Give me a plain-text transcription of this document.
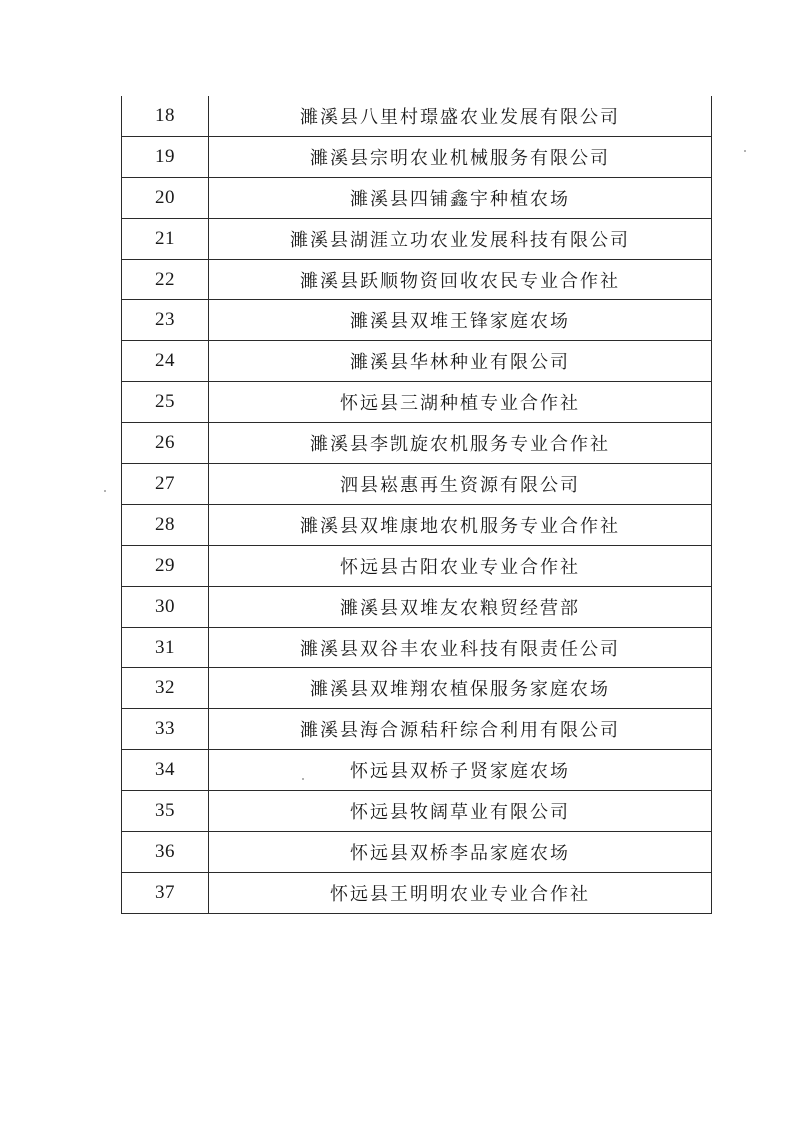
18	濉溪县八里村璟盛农业发展有限公司
19	濉溪县宗明农业机械服务有限公司
20	濉溪县四铺鑫宇种植农场
21	濉溪县湖涯立功农业发展科技有限公司
22	濉溪县跃顺物资回收农民专业合作社
23	濉溪县双堆王锋家庭农场
24	濉溪县华林种业有限公司
25	怀远县三湖种植专业合作社
26	濉溪县李凯旋农机服务专业合作社
27	泗县崧惠再生资源有限公司
28	濉溪县双堆康地农机服务专业合作社
29	怀远县古阳农业专业合作社
30	濉溪县双堆友农粮贸经营部
31	濉溪县双谷丰农业科技有限责任公司
32	濉溪县双堆翔农植保服务家庭农场
33	濉溪县海合源秸秆综合利用有限公司
34	怀远县双桥子贤家庭农场
35	怀远县牧阔草业有限公司
36	怀远县双桥李品家庭农场
37	怀远县王明明农业专业合作社
